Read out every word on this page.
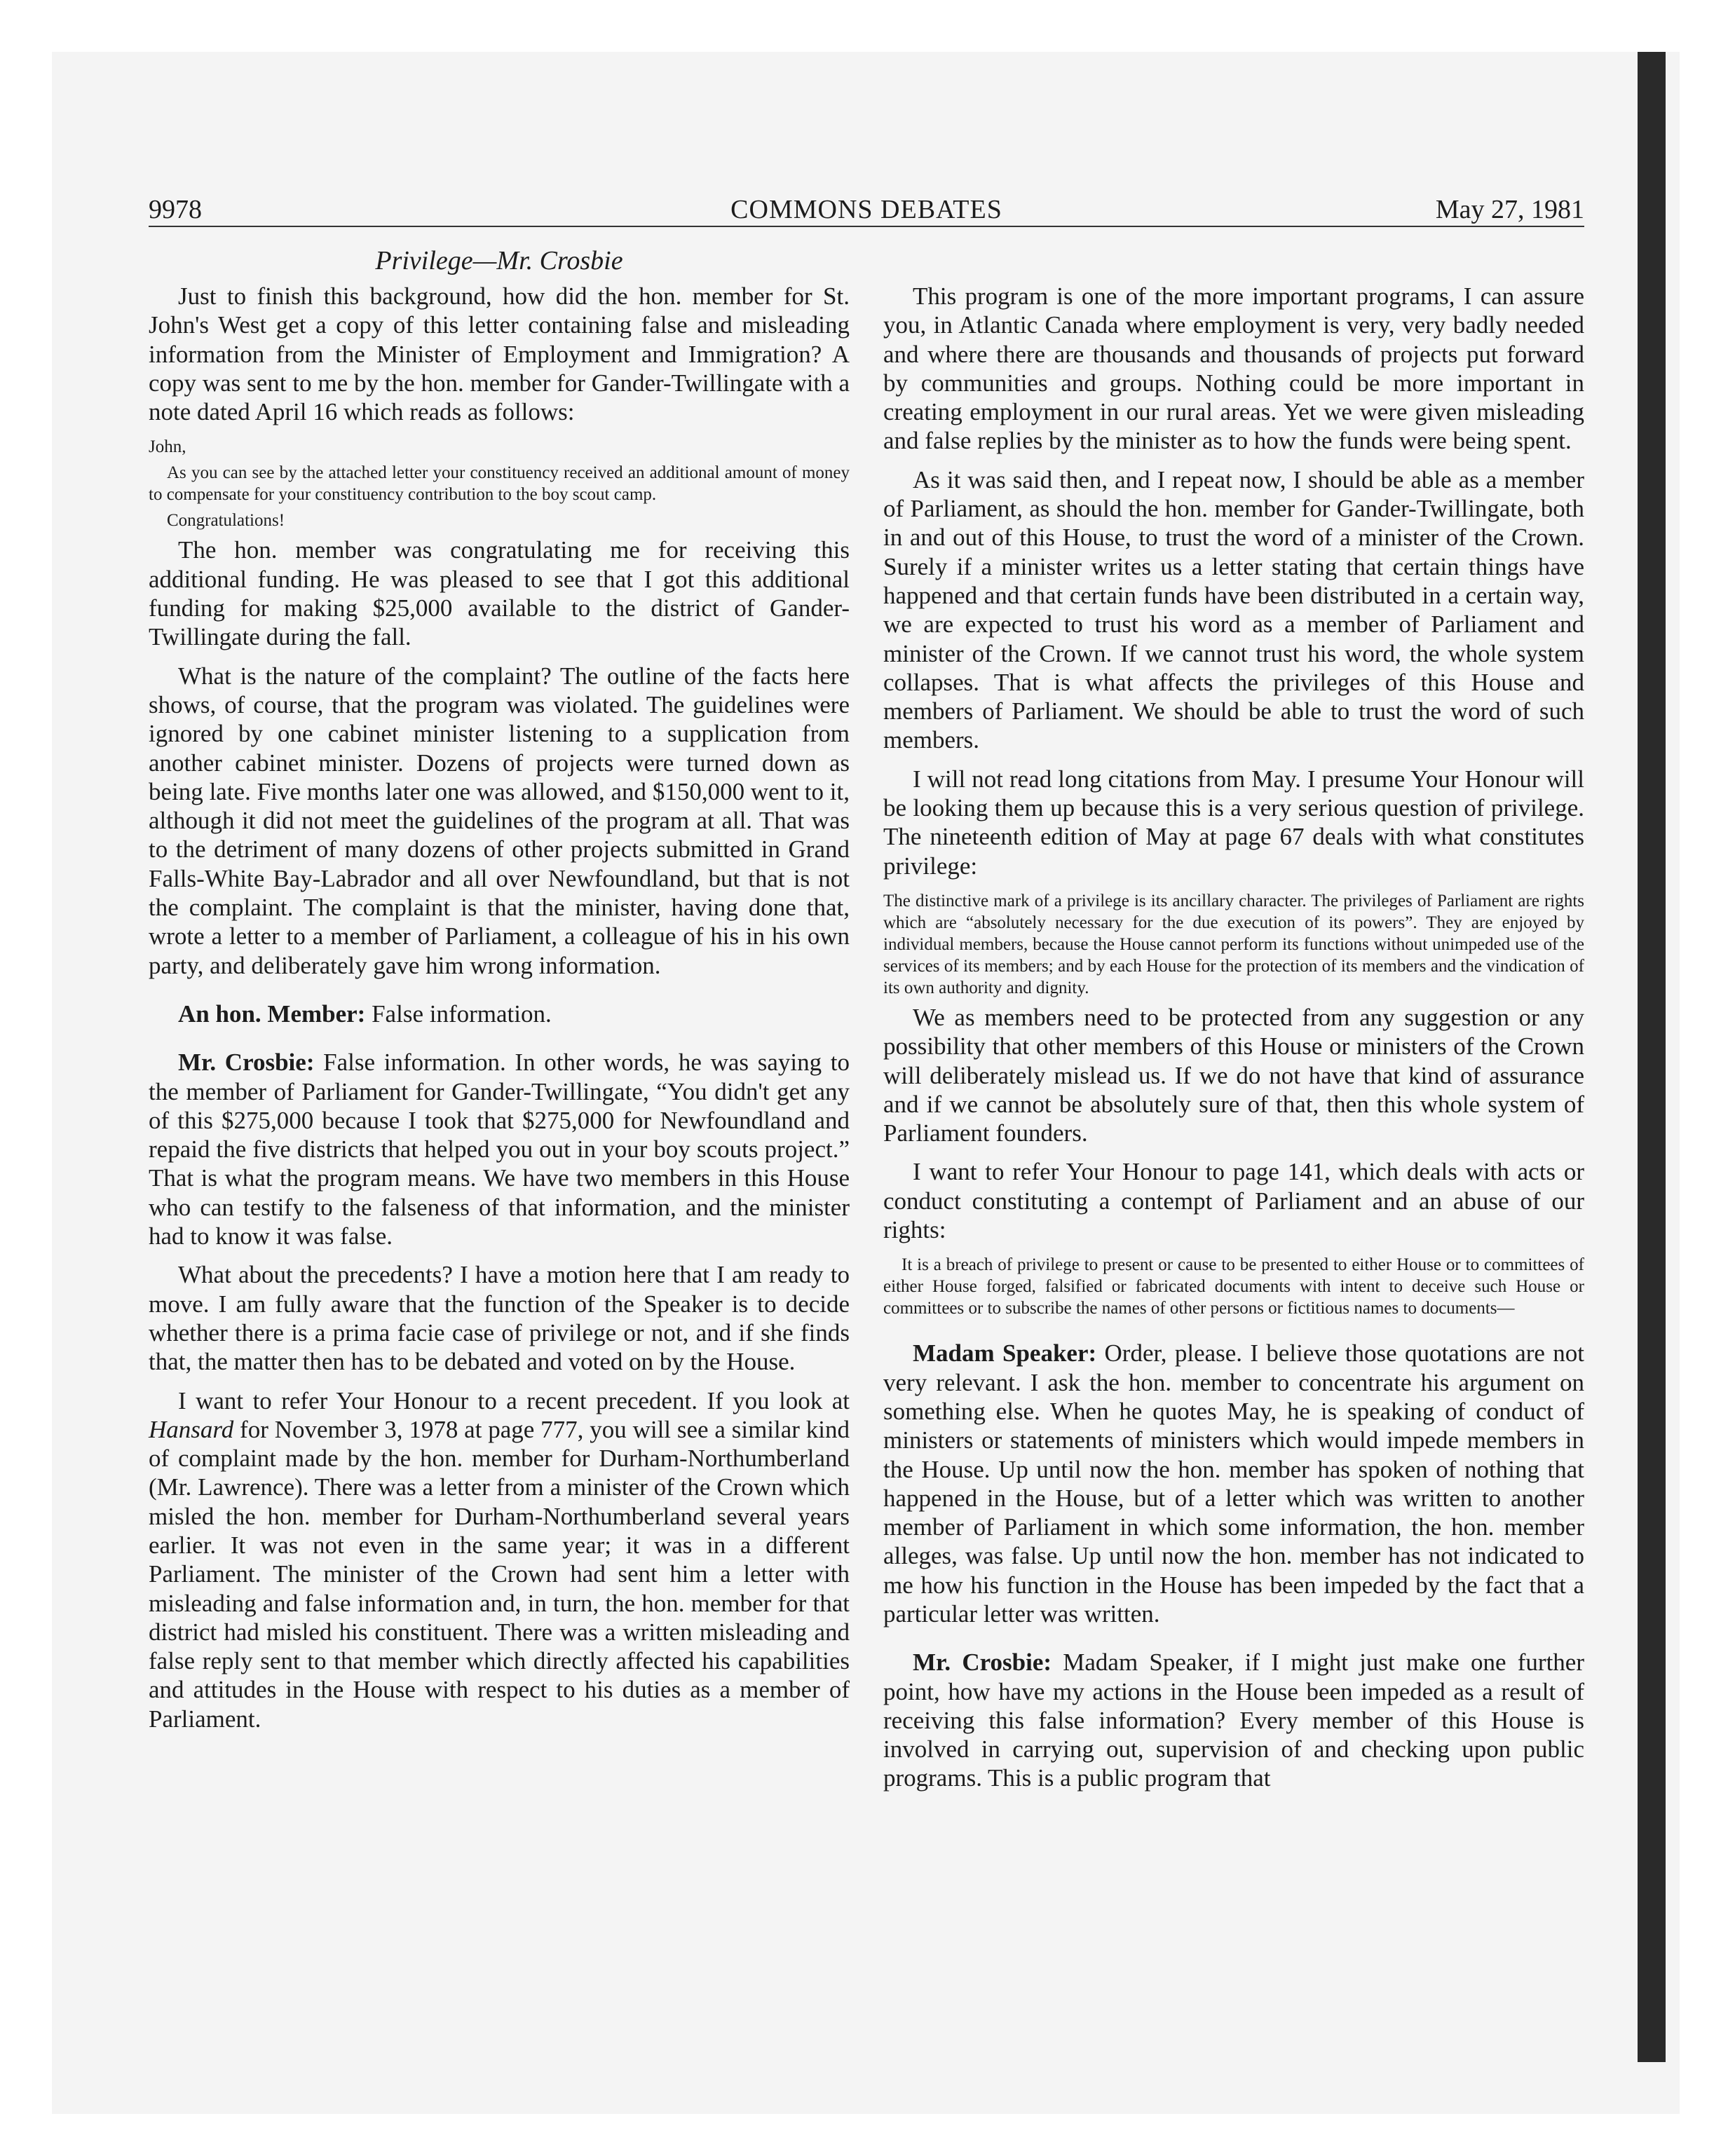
9978	COMMONS DEBATES	May 27, 1981
Privilege—Mr. Crosbie

Just to finish this background, how did the hon. member for St. John's West get a copy of this letter containing false and misleading information from the Minister of Employment and Immigration? A copy was sent to me by the hon. member for Gander-Twillingate with a note dated April 16 which reads as follows:

John,

As you can see by the attached letter your constituency received an additional amount of money to compensate for your constituency contribution to the boy scout camp.

Congratulations!

The hon. member was congratulating me for receiving this additional funding. He was pleased to see that I got this additional funding for making $25,000 available to the district of Gander-Twillingate during the fall.

What is the nature of the complaint? The outline of the facts here shows, of course, that the program was violated. The guidelines were ignored by one cabinet minister listening to a supplication from another cabinet minister. Dozens of projects were turned down as being late. Five months later one was allowed, and $150,000 went to it, although it did not meet the guidelines of the program at all. That was to the detriment of many dozens of other projects submitted in Grand Falls-White Bay-Labrador and all over Newfoundland, but that is not the complaint. The complaint is that the minister, having done that, wrote a letter to a member of Parliament, a colleague of his in his own party, and deliberately gave him wrong information.

An hon. Member: False information.

Mr. Crosbie: False information. In other words, he was saying to the member of Parliament for Gander-Twillingate, “You didn't get any of this $275,000 because I took that $275,000 for Newfoundland and repaid the five districts that helped you out in your boy scouts project.” That is what the program means. We have two members in this House who can testify to the falseness of that information, and the minister had to know it was false.

What about the precedents? I have a motion here that I am ready to move. I am fully aware that the function of the Speaker is to decide whether there is a prima facie case of privilege or not, and if she finds that, the matter then has to be debated and voted on by the House.

I want to refer Your Honour to a recent precedent. If you look at Hansard for November 3, 1978 at page 777, you will see a similar kind of complaint made by the hon. member for Durham-Northumberland (Mr. Lawrence). There was a letter from a minister of the Crown which misled the hon. member for Durham-Northumberland several years earlier. It was not even in the same year; it was in a different Parliament. The minister of the Crown had sent him a letter with misleading and false information and, in turn, the hon. member for that district had misled his constituent. There was a written misleading and false reply sent to that member which directly affected his capabilities and attitudes in the House with respect to his duties as a member of Parliament.

This program is one of the more important programs, I can assure you, in Atlantic Canada where employment is very, very badly needed and where there are thousands and thousands of projects put forward by communities and groups. Nothing could be more important in creating employment in our rural areas. Yet we were given misleading and false replies by the minister as to how the funds were being spent.

As it was said then, and I repeat now, I should be able as a member of Parliament, as should the hon. member for Gander-Twillingate, both in and out of this House, to trust the word of a minister of the Crown. Surely if a minister writes us a letter stating that certain things have happened and that certain funds have been distributed in a certain way, we are expected to trust his word as a member of Parliament and minister of the Crown. If we cannot trust his word, the whole system collapses. That is what affects the privileges of this House and members of Parliament. We should be able to trust the word of such members.

I will not read long citations from May. I presume Your Honour will be looking them up because this is a very serious question of privilege. The nineteenth edition of May at page 67 deals with what constitutes privilege:

The distinctive mark of a privilege is its ancillary character. The privileges of Parliament are rights which are “absolutely necessary for the due execution of its powers”. They are enjoyed by individual members, because the House cannot perform its functions without unimpeded use of the services of its members; and by each House for the protection of its members and the vindication of its own authority and dignity.

We as members need to be protected from any suggestion or any possibility that other members of this House or ministers of the Crown will deliberately mislead us. If we do not have that kind of assurance and if we cannot be absolutely sure of that, then this whole system of Parliament founders.

I want to refer Your Honour to page 141, which deals with acts or conduct constituting a contempt of Parliament and an abuse of our rights:

It is a breach of privilege to present or cause to be presented to either House or to committees of either House forged, falsified or fabricated documents with intent to deceive such House or committees or to subscribe the names of other persons or fictitious names to documents—

Madam Speaker: Order, please. I believe those quotations are not very relevant. I ask the hon. member to concentrate his argument on something else. When he quotes May, he is speaking of conduct of ministers or statements of ministers which would impede members in the House. Up until now the hon. member has spoken of nothing that happened in the House, but of a letter which was written to another member of Parliament in which some information, the hon. member alleges, was false. Up until now the hon. member has not indicated to me how his function in the House has been impeded by the fact that a particular letter was written.

Mr. Crosbie: Madam Speaker, if I might just make one further point, how have my actions in the House been impeded as a result of receiving this false information? Every member of this House is involved in carrying out, supervision of and checking upon public programs. This is a public program that
